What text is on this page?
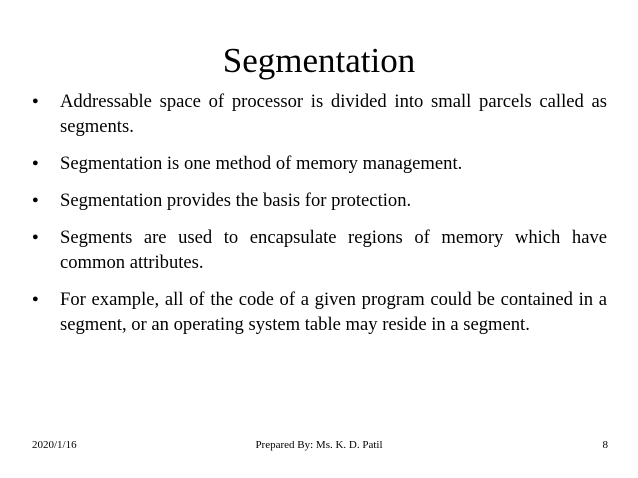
Segmentation
● Addressable space of processor is divided into small parcels called as segments.
● Segmentation is one method of memory management.
● Segmentation provides the basis for protection.
● Segments are used to encapsulate regions of memory which have common attributes.
● For example, all of the code of a given program could be contained in a segment, or an operating system table may reside in a segment.
2020/1/16	Prepared By: Ms. K. D. Patil	8
